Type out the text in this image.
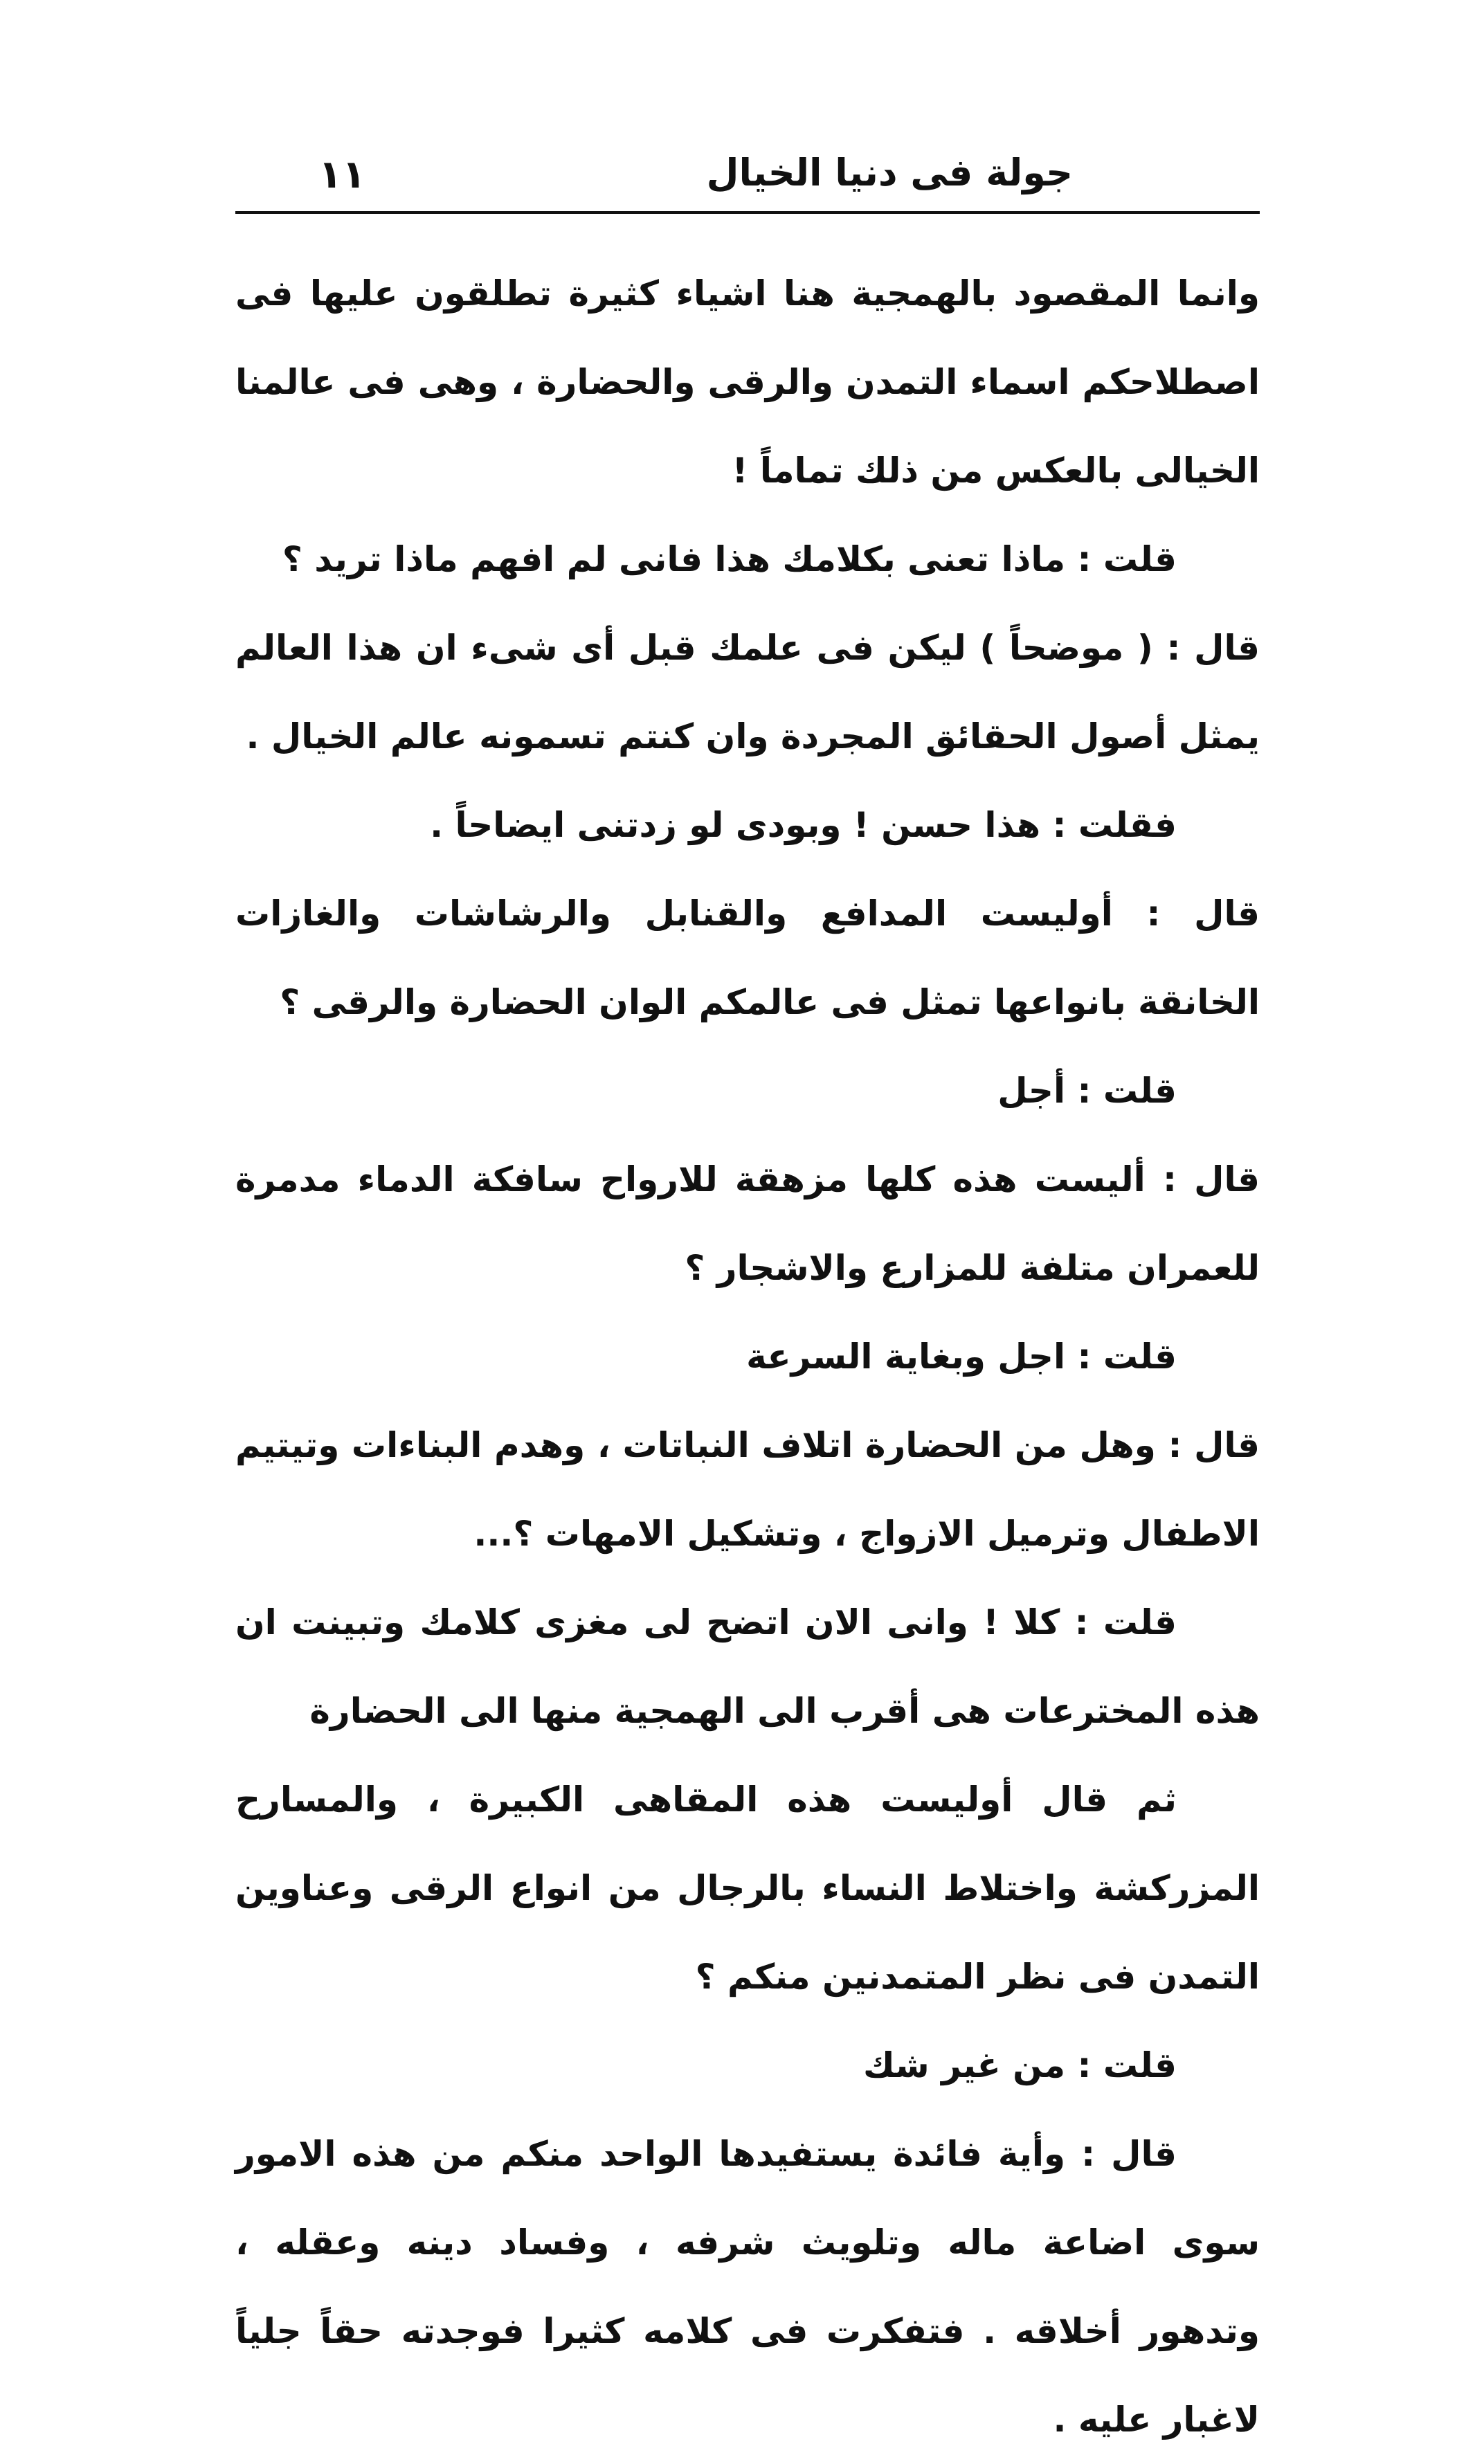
١١	جولة فى دنيا الخيال

وانما المقصود بالهمجية هنا اشياء كثيرة تطلقون عليها فى اصطلاحكم اسماء التمدن والرقى والحضارة ، وهى فى عالمنا الخيالى بالعكس من ذلك تماماً !

قلت : ماذا تعنى بكلامك هذا فانى لم افهم ماذا تريد ؟

قال : ( موضحاً ) ليكن فى علمك قبل أى شىء ان هذا العالم يمثل أصول الحقائق المجردة وان كنتم تسمونه عالم الخيال .

فقلت : هذا حسن ! وبودى لو زدتنى ايضاحاً .

قال : أوليست المدافع والقنابل والرشاشات والغازات الخانقة بانواعها تمثل فى عالمكم الوان الحضارة والرقى ؟

قلت : أجل

قال : أليست هذه كلها مزهقة للارواح سافكة الدماء مدمرة للعمران متلفة للمزارع والاشجار ؟

قلت : اجل وبغاية السرعة

قال : وهل من الحضارة اتلاف النباتات ، وهدم البناءات وتيتيم الاطفال وترميل الازواج ، وتشكيل الامهات ؟...

قلت : كلا ! وانى الان اتضح لى مغزى كلامك وتبينت ان هذه المخترعات هى أقرب الى الهمجية منها الى الحضارة

ثم قال أوليست هذه المقاهى الكبيرة ، والمسارح المزركشة واختلاط النساء بالرجال من انواع الرقى وعناوين التمدن فى نظر المتمدنين منكم ؟

قلت : من غير شك

قال : وأية فائدة يستفيدها الواحد منكم من هذه الامور سوى اضاعة ماله وتلويث شرفه ، وفساد دينه وعقله ، وتدهور أخلاقه . فتفكرت فى كلامه كثيرا فوجدته حقاً جلياً لاغبار عليه .
